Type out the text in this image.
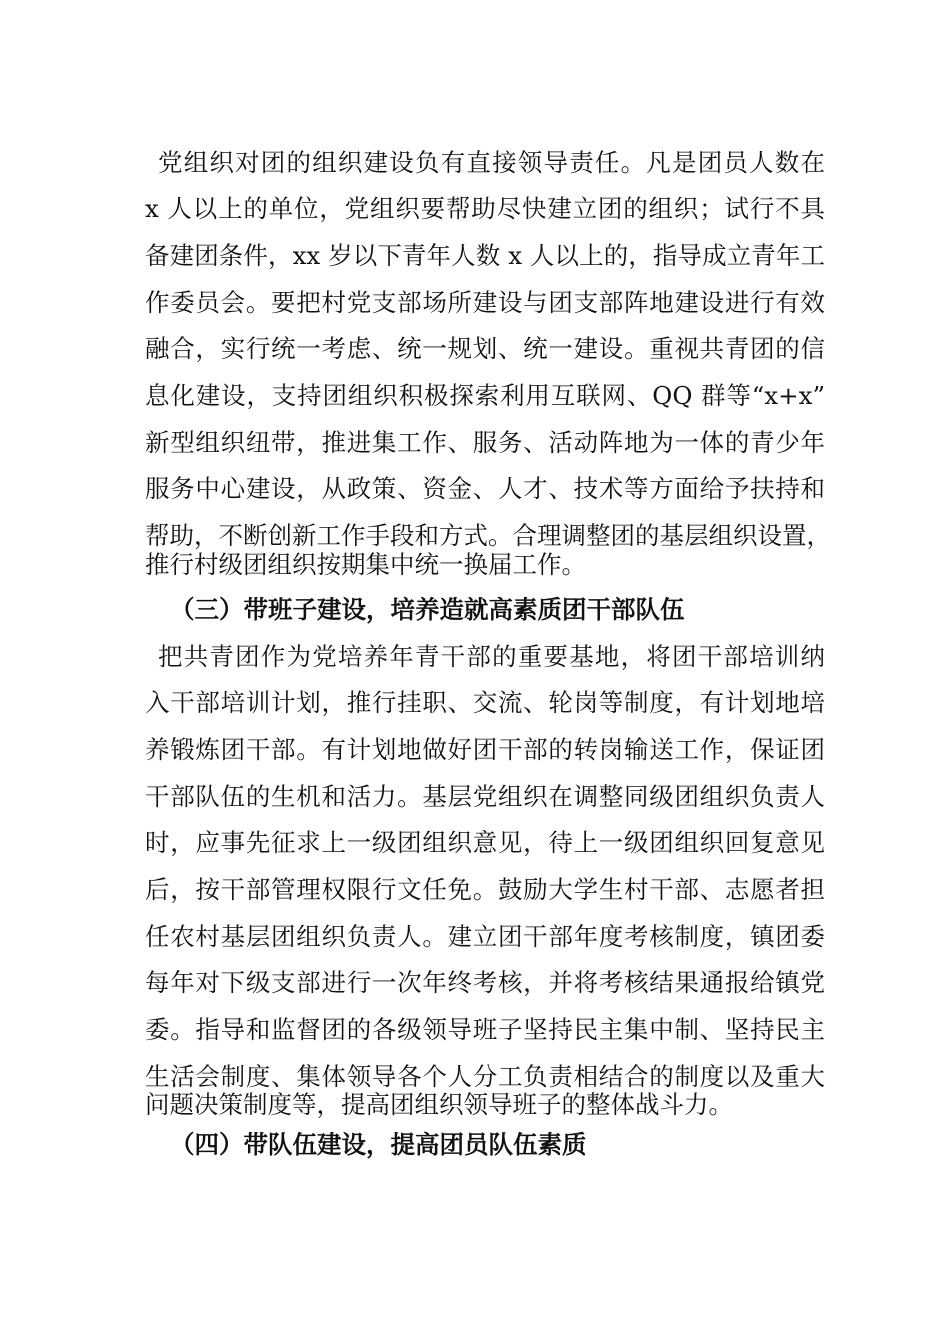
党组织对团的组织建设负有直接领导责任。凡是团员人数在
x 人以上的单位，党组织要帮助尽快建立团的组织；试行不具
备建团条件，xx 岁以下青年人数 x 人以上的，指导成立青年工
作委员会。要把村党支部场所建设与团支部阵地建设进行有效
融合，实行统一考虑、统一规划、统一建设。重视共青团的信
息化建设，支持团组织积极探索利用互联网、QQ 群等“x+x”
新型组织纽带，推进集工作、服务、活动阵地为一体的青少年
服务中心建设，从政策、资金、人才、技术等方面给予扶持和
帮助，不断创新工作手段和方式。合理调整团的基层组织设置，
推行村级团组织按期集中统一换届工作。
（三）带班子建设，培养造就高素质团干部队伍
把共青团作为党培养年青干部的重要基地，将团干部培训纳
入干部培训计划，推行挂职、交流、轮岗等制度，有计划地培
养锻炼团干部。有计划地做好团干部的转岗输送工作，保证团
干部队伍的生机和活力。基层党组织在调整同级团组织负责人
时，应事先征求上一级团组织意见，待上一级团组织回复意见
后，按干部管理权限行文任免。鼓励大学生村干部、志愿者担
任农村基层团组织负责人。建立团干部年度考核制度，镇团委
每年对下级支部进行一次年终考核，并将考核结果通报给镇党
委。指导和监督团的各级领导班子坚持民主集中制、坚持民主
生活会制度、集体领导各个人分工负责相结合的制度以及重大
问题决策制度等，提高团组织领导班子的整体战斗力。
（四）带队伍建设，提高团员队伍素质
